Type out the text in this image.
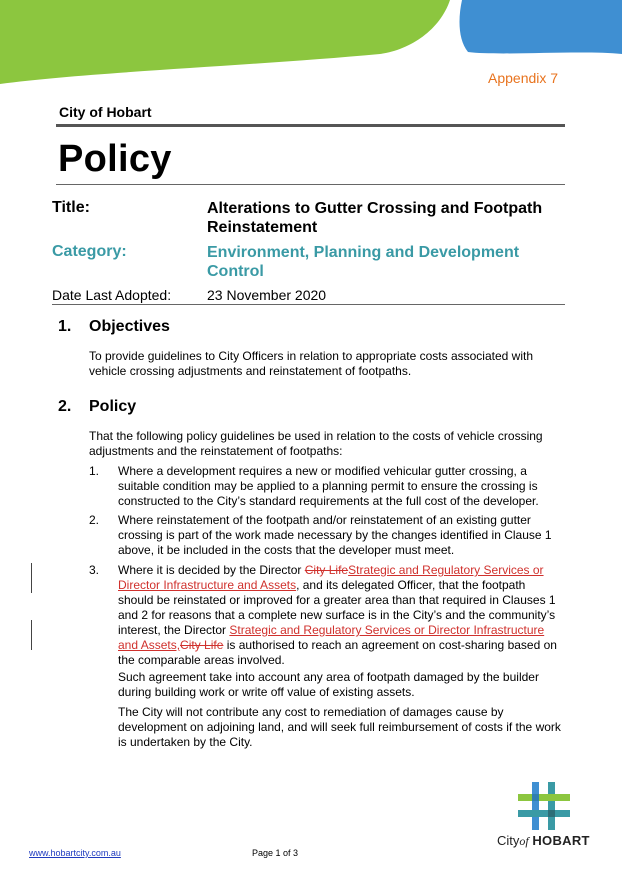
Appendix 7
City of Hobart
Policy
Title:	Alterations to Gutter Crossing and Footpath Reinstatement
Category:	Environment, Planning and Development Control
Date Last Adopted:	23 November 2020
1. Objectives
To provide guidelines to City Officers in relation to appropriate costs associated with vehicle crossing adjustments and reinstatement of footpaths.
2. Policy
That the following policy guidelines be used in relation to the costs of vehicle crossing adjustments and the reinstatement of footpaths:
1. Where a development requires a new or modified vehicular gutter crossing, a suitable condition may be applied to a planning permit to ensure the crossing is constructed to the City’s standard requirements at the full cost of the developer.
2. Where reinstatement of the footpath and/or reinstatement of an existing gutter crossing is part of the work made necessary by the changes identified in Clause 1 above, it be included in the costs that the developer must meet.
3. Where it is decided by the Director City LifeStrategic and Regulatory Services or Director Infrastructure and Assets, and its delegated Officer, that the footpath should be reinstated or improved for a greater area than that required in Clauses 1 and 2 for reasons that a complete new surface is in the City’s and the community’s interest, the Director Strategic and Regulatory Services or Director Infrastructure and Assets,City Life is authorised to reach an agreement on cost-sharing based on the comparable areas involved.
Such agreement take into account any area of footpath damaged by the builder during building work or write off value of existing assets.
The City will not contribute any cost to remediation of damages cause by development on adjoining land, and will seek full reimbursement of costs if the work is undertaken by the City.
www.hobartcity.com.au	Page 1 of 3
Cityof HOBART
